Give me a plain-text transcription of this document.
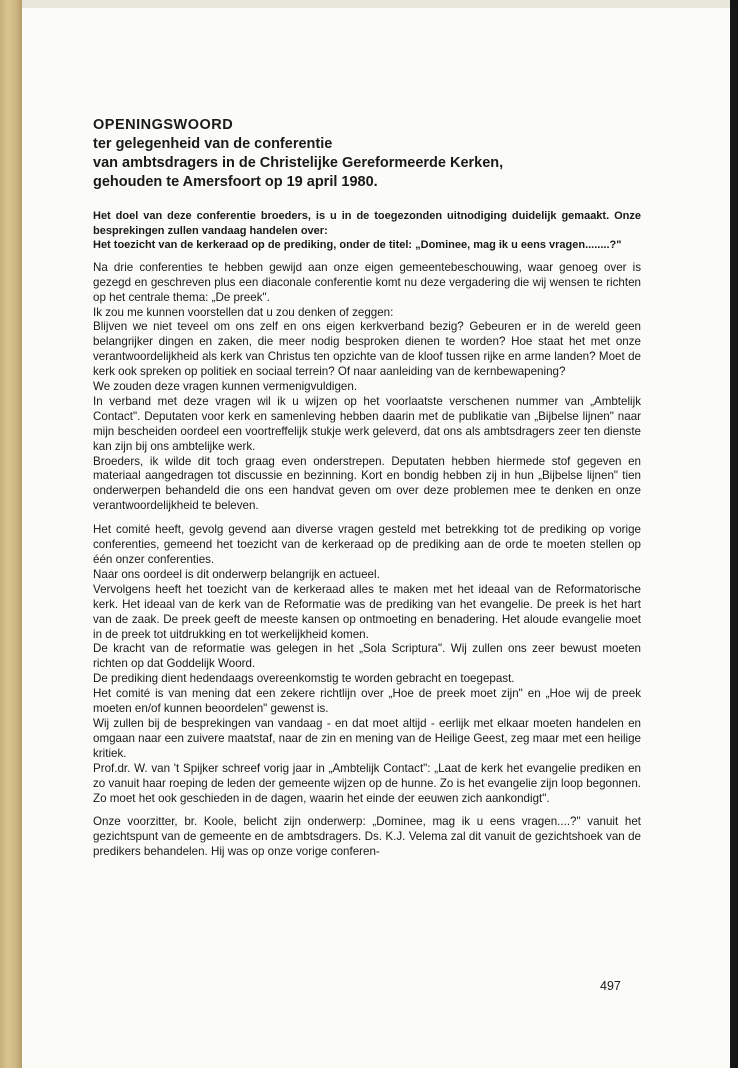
OPENINGSWOORD

ter gelegenheid van de conferentie

van ambtsdragers in de Christelijke Gereformeerde Kerken,

gehouden te Amersfoort op 19 april 1980.

Het doel van deze conferentie broeders, is u in de toegezonden uitnodiging duidelijk gemaakt. Onze besprekingen zullen vandaag handelen over:

Het toezicht van de kerkeraad op de prediking, onder de titel: „Dominee, mag ik u eens vragen........?"

Na drie conferenties te hebben gewijd aan onze eigen gemeentebeschouwing, waar genoeg over is gezegd en geschreven plus een diaconale conferentie komt nu deze vergadering die wij wensen te richten op het centrale thema: „De preek".

Ik zou me kunnen voorstellen dat u zou denken of zeggen:

Blijven we niet teveel om ons zelf en ons eigen kerkverband bezig? Gebeuren er in de wereld geen belangrijker dingen en zaken, die meer nodig besproken dienen te worden? Hoe staat het met onze verantwoordelijkheid als kerk van Christus ten opzichte van de kloof tussen rijke en arme landen? Moet de kerk ook spreken op politiek en sociaal terrein? Of naar aanleiding van de kernbewapening?

We zouden deze vragen kunnen vermenigvuldigen.

In verband met deze vragen wil ik u wijzen op het voorlaatste verschenen nummer van „Ambtelijk Contact". Deputaten voor kerk en samenleving hebben daarin met de publikatie van „Bijbelse lijnen" naar mijn bescheiden oordeel een voortreffelijk stukje werk geleverd, dat ons als ambtsdragers zeer ten dienste kan zijn bij ons ambtelijke werk.

Broeders, ik wilde dit toch graag even onderstrepen. Deputaten hebben hiermede stof gegeven en materiaal aangedragen tot discussie en bezinning. Kort en bondig hebben zij in hun „Bijbelse lijnen" tien onderwerpen behandeld die ons een handvat geven om over deze problemen mee te denken en onze verantwoordelijkheid te beleven.

Het comité heeft, gevolg gevend aan diverse vragen gesteld met betrekking tot de prediking op vorige conferenties, gemeend het toezicht van de kerkeraad op de prediking aan de orde te moeten stellen op één onzer conferenties.

Naar ons oordeel is dit onderwerp belangrijk en actueel.

Vervolgens heeft het toezicht van de kerkeraad alles te maken met het ideaal van de Reformatorische kerk. Het ideaal van de kerk van de Reformatie was de prediking van het evangelie. De preek is het hart van de zaak. De preek geeft de meeste kansen op ontmoeting en benadering. Het aloude evangelie moet in de preek tot uitdrukking en tot werkelijkheid komen.

De kracht van de reformatie was gelegen in het „Sola Scriptura". Wij zullen ons zeer bewust moeten richten op dat Goddelijk Woord.

De prediking dient hedendaags overeenkomstig te worden gebracht en toegepast.

Het comité is van mening dat een zekere richtlijn over „Hoe de preek moet zijn" en „Hoe wij de preek moeten en/of kunnen beoordelen" gewenst is.

Wij zullen bij de besprekingen van vandaag - en dat moet altijd - eerlijk met elkaar moeten handelen en omgaan naar een zuivere maatstaf, naar de zin en mening van de Heilige Geest, zeg maar met een heilige kritiek.

Prof.dr. W. van 't Spijker schreef vorig jaar in „Ambtelijk Contact": „Laat de kerk het evangelie prediken en zo vanuit haar roeping de leden der gemeente wijzen op de hunne. Zo is het evangelie zijn loop begonnen. Zo moet het ook geschieden in de dagen, waarin het einde der eeuwen zich aankondigt".

Onze voorzitter, br. Koole, belicht zijn onderwerp: „Dominee, mag ik u eens vragen....?" vanuit het gezichtspunt van de gemeente en de ambtsdragers. Ds. K.J. Velema zal dit vanuit de gezichtshoek van de predikers behandelen. Hij was op onze vorige conferen-

497
